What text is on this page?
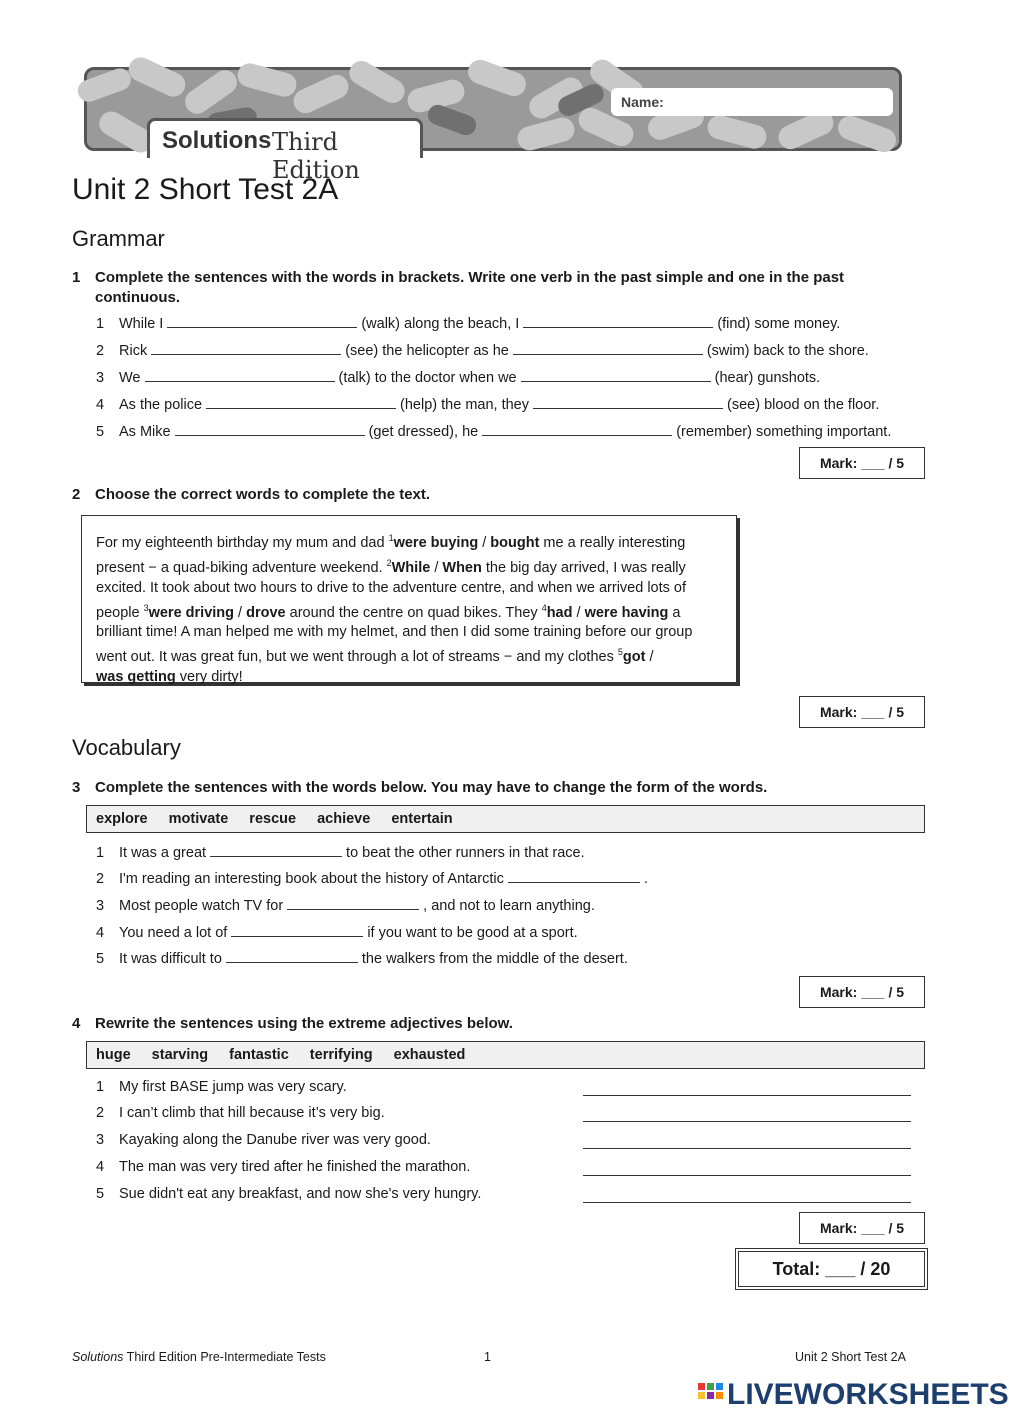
Name:
Solutions Third Edition
Unit 2 Short Test 2A
Grammar
1 Complete the sentences with the words in brackets. Write one verb in the past simple and one in the past continuous.
1 While I	(walk) along the beach, I	(find) some money.
2 Rick	(see) the helicopter as he	(swim) back to the shore.
3 We	(talk) to the doctor when we	(hear) gunshots.
4 As the police	(help) the man, they	(see) blood on the floor.
5 As Mike	(get dressed), he	(remember) something important.
Mark: ___ / 5
2 Choose the correct words to complete the text.

For my eighteenth birthday my mum and dad $^1$were buying / bought me a really interesting present − a quad-biking adventure weekend. $^2$While / When the big day arrived, I was really excited. It took about two hours to drive to the adventure centre, and when we arrived lots of people $^3$were driving / drove around the centre on quad bikes. They $^4$had / were having a brilliant time! A man helped me with my helmet, and then I did some training before our group went out. It was great fun, but we went through a lot of streams − and my clothes $^5$got /
was getting very dirty!

Mark: ___ / 5
Vocabulary
3 Complete the sentences with the words below. You may have to change the form of the words.
explore motivate rescue achieve entertain
1 It was a great	to beat the other runners in that race.
2 I'm reading an interesting book about the history of Antarctic	.
3 Most people watch TV for	, and not to learn anything.
4 You need a lot of	if you want to be good at a sport.
5 It was difficult to	the walkers from the middle of the desert.
Mark: ___ / 5
4 Rewrite the sentences using the extreme adjectives below.
huge starving fantastic terrifying exhausted
1 My first BASE jump was very scary.
2 I can’t climb that hill because it’s very big.
3 Kayaking along the Danube river was very good.
4 The man was very tired after he finished the marathon.
5 Sue didn't eat any breakfast, and now she's very hungry.
Mark: ___ / 5
Total: ___ / 20
Solutions Third Edition Pre-Intermediate Tests	1	Unit 2 Short Test 2A
LIVEWORKSHEETS
